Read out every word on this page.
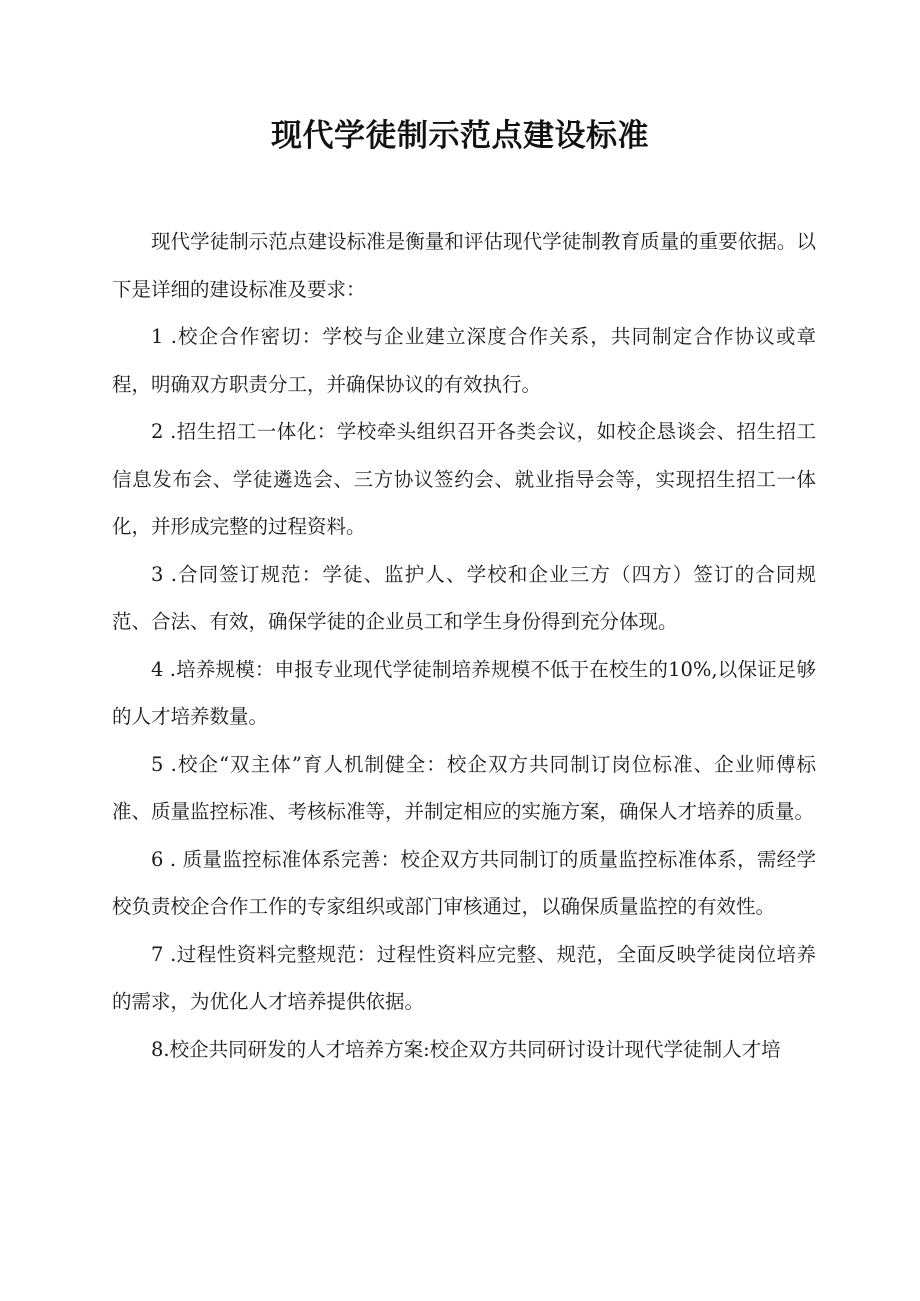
现代学徒制示范点建设标准

现代学徒制示范点建设标准是衡量和评估现代学徒制教育质量的重要依据。以下是详细的建设标准及要求：

1 .校企合作密切：学校与企业建立深度合作关系，共同制定合作协议或章程，明确双方职责分工，并确保协议的有效执行。

2 .招生招工一体化：学校牵头组织召开各类会议，如校企恳谈会、招生招工信息发布会、学徒遴选会、三方协议签约会、就业指导会等，实现招生招工一体化，并形成完整的过程资料。

3 .合同签订规范：学徒、监护人、学校和企业三方（四方）签订的合同规范、合法、有效，确保学徒的企业员工和学生身份得到充分体现。

4 .培养规模：申报专业现代学徒制培养规模不低于在校生的10%,以保证足够的人才培养数量。

5 .校企“双主体”育人机制健全：校企双方共同制订岗位标准、企业师傅标准、质量监控标准、考核标准等，并制定相应的实施方案，确保人才培养的质量。

6 . 质量监控标准体系完善：校企双方共同制订的质量监控标准体系，需经学校负责校企合作工作的专家组织或部门审核通过，以确保质量监控的有效性。

7 .过程性资料完整规范：过程性资料应完整、规范，全面反映学徒岗位培养的需求，为优化人才培养提供依据。

8.校企共同研发的人才培养方案:校企双方共同研讨设计现代学徒制人才培
